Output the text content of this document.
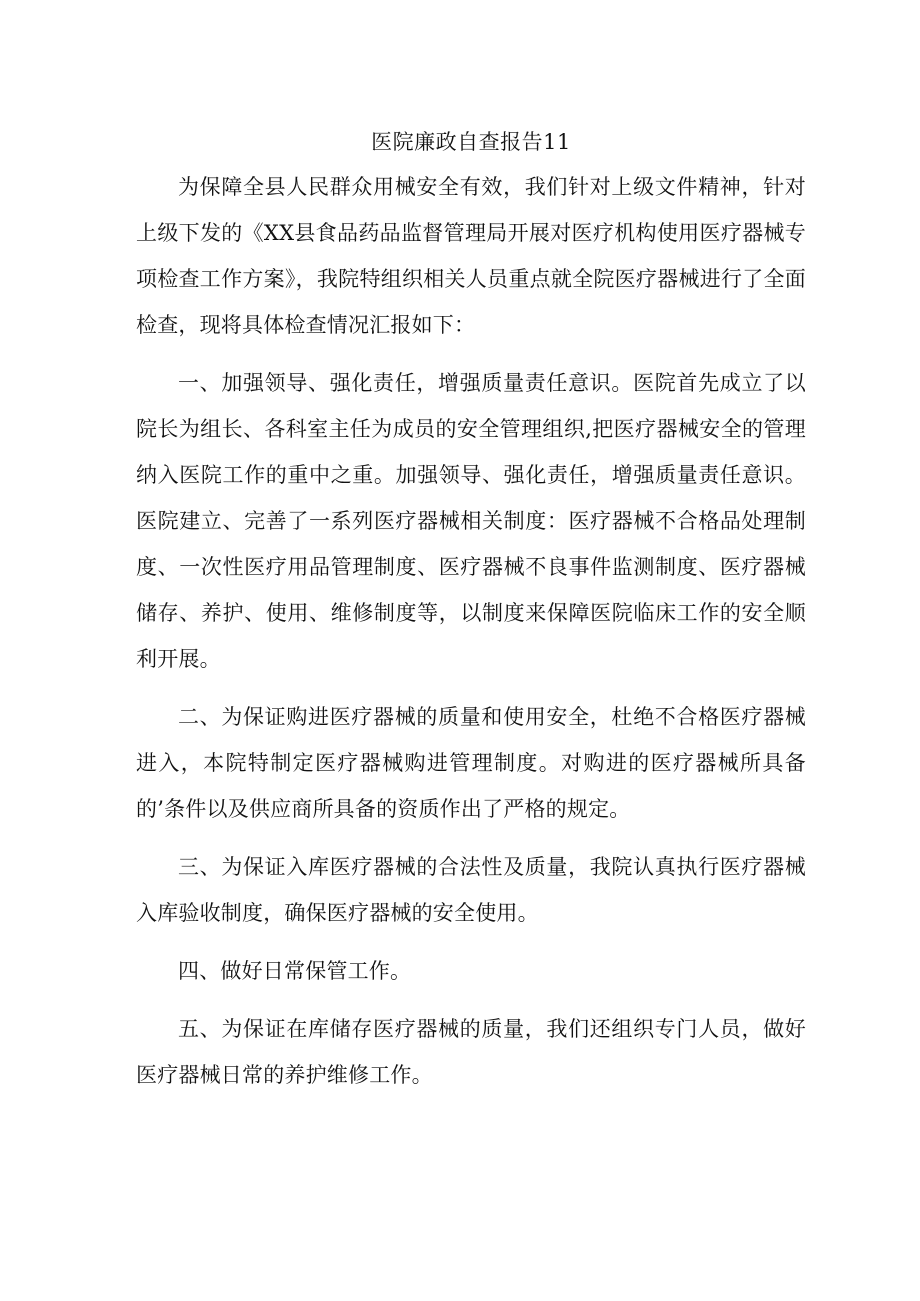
医院廉政自查报告11

为保障全县人民群众用械安全有效，我们针对上级文件精神，针对上级下发的《XX县食品药品监督管理局开展对医疗机构使用医疗器械专项检查工作方案》，我院特组织相关人员重点就全院医疗器械进行了全面检查，现将具体检查情况汇报如下：

一、加强领导、强化责任，增强质量责任意识。医院首先成立了以院长为组长、各科室主任为成员的安全管理组织,把医疗器械安全的管理纳入医院工作的重中之重。加强领导、强化责任，增强质量责任意识。医院建立、完善了一系列医疗器械相关制度：医疗器械不合格品处理制度、一次性医疗用品管理制度、医疗器械不良事件监测制度、医疗器械储存、养护、使用、维修制度等，以制度来保障医院临床工作的安全顺利开展。

二、为保证购进医疗器械的质量和使用安全，杜绝不合格医疗器械进入，本院特制定医疗器械购进管理制度。对购进的医疗器械所具备的’条件以及供应商所具备的资质作出了严格的规定。

三、为保证入库医疗器械的合法性及质量，我院认真执行医疗器械入库验收制度，确保医疗器械的安全使用。

四、做好日常保管工作。

五、为保证在库储存医疗器械的质量，我们还组织专门人员，做好医疗器械日常的养护维修工作。
